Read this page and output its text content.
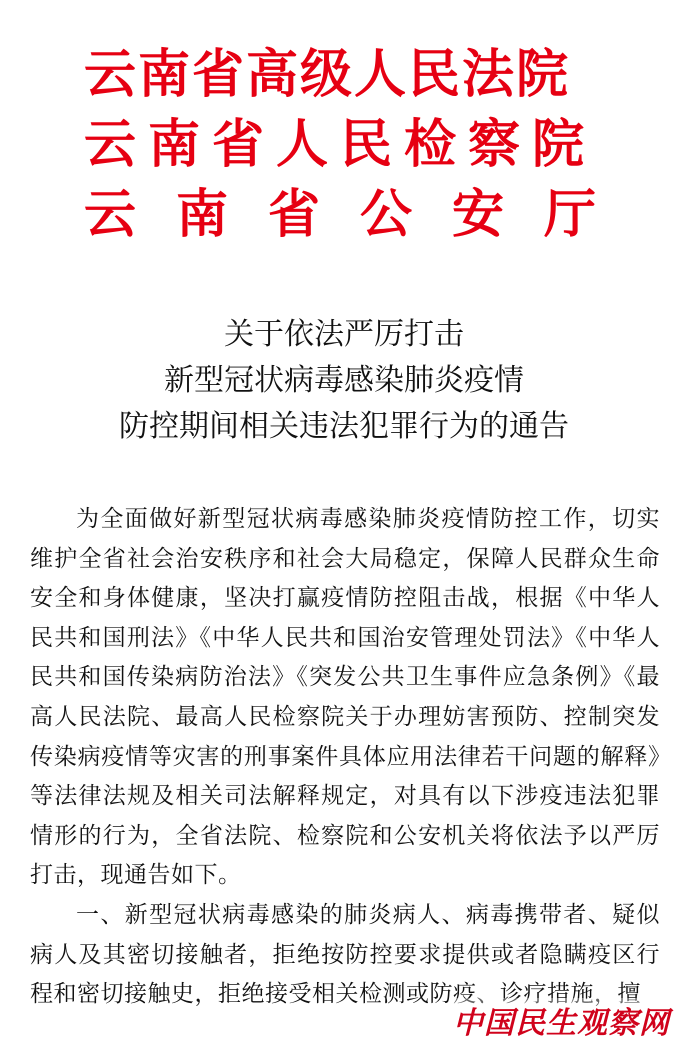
云南省高级人民法院
云南省人民检察院
云南省公安厅
关于依法严厉打击
新型冠状病毒感染肺炎疫情
防控期间相关违法犯罪行为的通告

为全面做好新型冠状病毒感染肺炎疫情防控工作，切实维护全省社会治安秩序和社会大局稳定，保障人民群众生命安全和身体健康，坚决打赢疫情防控阻击战，根据《中华人民共和国刑法》《中华人民共和国治安管理处罚法》《中华人民共和国传染病防治法》《突发公共卫生事件应急条例》《最高人民法院、最高人民检察院关于办理妨害预防、控制突发传染病疫情等灾害的刑事案件具体应用法律若干问题的解释》等法律法规及相关司法解释规定，对具有以下涉疫违法犯罪情形的行为，全省法院、检察院和公安机关将依法予以严厉打击，现通告如下。

一、新型冠状病毒感染的肺炎病人、病毒携带者、疑似病人及其密切接触者，拒绝按防控要求提供或者隐瞒疫区行程和密切接触史，拒绝接受相关检测或防疫、诊疗措施，擅

中国民生观察网
